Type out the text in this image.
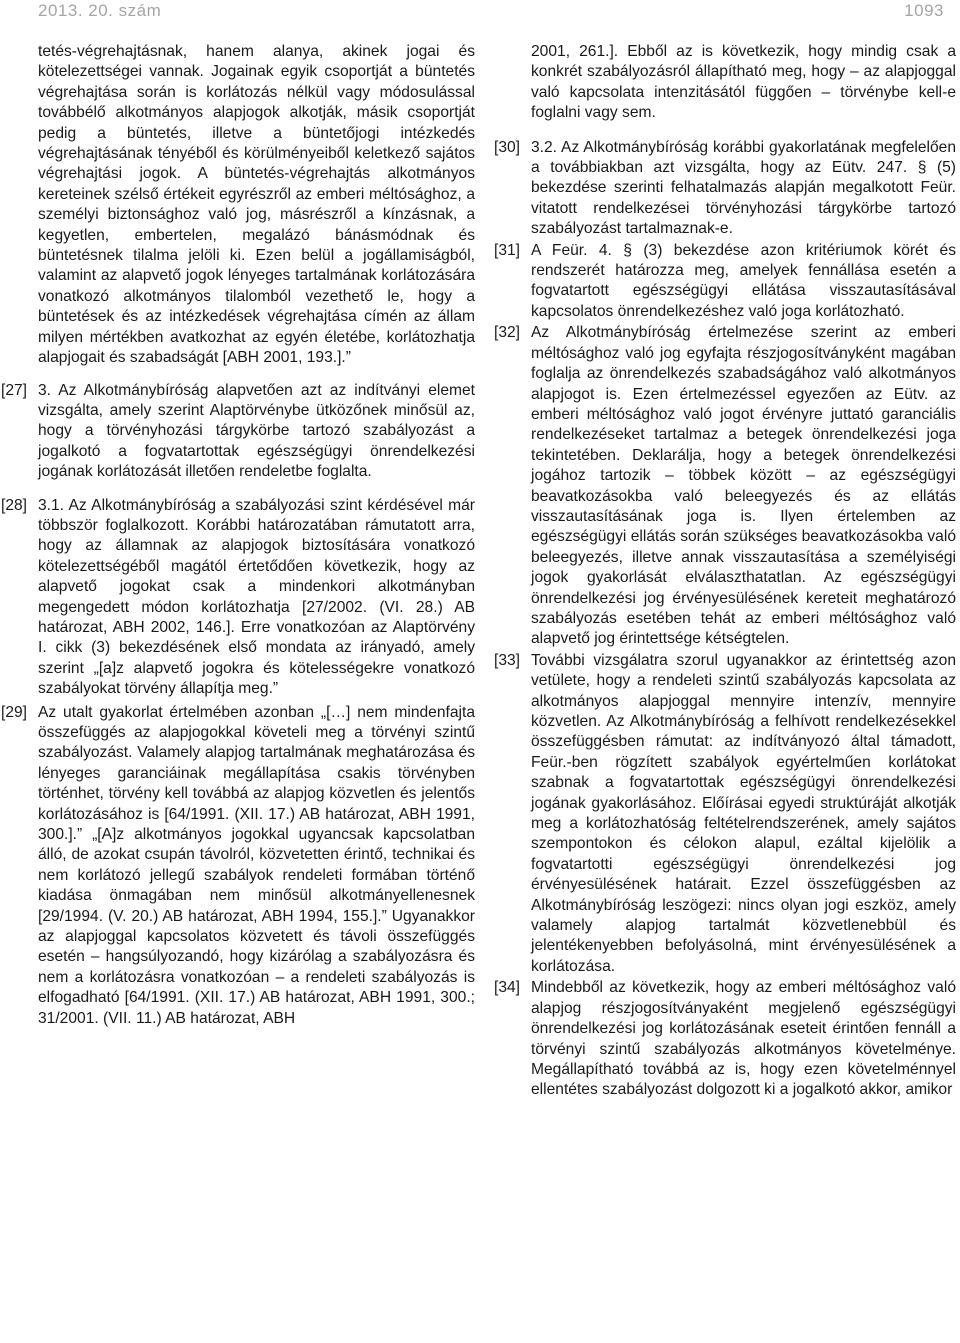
2013. 20. szám	1093

tetés-végrehajtásnak, hanem alanya, akinek jogai és kötelezettségei vannak. Jogainak egyik csoportját a büntetés végrehajtása során is korlátozás nélkül vagy módosulással továbbélő alkotmányos alapjogok alkotják, másik csoportját pedig a büntetés, illetve a büntetőjogi intézkedés végrehajtásának tényéből és körülményeiből keletkező sajátos végrehajtási jogok. A büntetés-végrehajtás alkotmányos kereteinek szélső értékeit egyrészről az emberi méltósághoz, a személyi biztonsághoz való jog, másrészről a kínzásnak, a kegyetlen, embertelen, megalázó bánásmódnak és büntetésnek tilalma jelöli ki. Ezen belül a jogállamiságból, valamint az alapvető jogok lényeges tartalmának korlátozására vonatkozó alkotmányos tilalomból vezethető le, hogy a büntetések és az intézkedések végrehajtása címén az állam milyen mértékben avatkozhat az egyén életébe, korlátozhatja alapjogait és szabadságát [ABH 2001, 193.].”

[27] 3. Az Alkotmánybíróság alapvetően azt az indítványi elemet vizsgálta, amely szerint Alaptörvénybe ütközőnek minősül az, hogy a törvényhozási tárgykörbe tartozó szabályozást a jogalkotó a fogvatartottak egészségügyi önrendelkezési jogának korlátozását illetően rendeletbe foglalta.
[28] 3.1. Az Alkotmánybíróság a szabályozási szint kérdésével már többször foglalkozott. Korábbi határozatában rámutatott arra, hogy az államnak az alapjogok biztosítására vonatkozó kötelezettségéből magától értetődően következik, hogy az alapvető jogokat csak a mindenkori alkotmányban megengedett módon korlátozhatja [27/2002. (VI. 28.) AB határozat, ABH 2002, 146.]. Erre vonatkozóan az Alaptörvény I. cikk (3) bekezdésének első mondata az irányadó, amely szerint „[a]z alapvető jogokra és kötelességekre vonatkozó szabályokat törvény állapítja meg.”
[29] Az utalt gyakorlat értelmében azonban „[…] nem mindenfajta összefüggés az alapjogokkal követeli meg a törvényi szintű szabályozást. Valamely alapjog tartalmának meghatározása és lényeges garanciáinak megállapítása csakis törvényben történhet, törvény kell továbbá az alapjog közvetlen és jelentős korlátozásához is [64/1991. (XII. 17.) AB határozat, ABH 1991, 300.].” „[A]z alkotmányos jogokkal ugyancsak kapcsolatban álló, de azokat csupán távolról, közvetetten érintő, technikai és nem korlátozó jellegű szabályok rendeleti formában történő kiadása önmagában nem minősül alkotmányellenesnek [29/1994. (V. 20.) AB határozat, ABH 1994, 155.].” Ugyanakkor az alapjoggal kapcsolatos közvetett és távoli összefüggés esetén – hangsúlyozandó, hogy kizárólag a szabályozásra és nem a korlátozásra vonatkozóan – a rendeleti szabályozás is elfogadható [64/1991. (XII. 17.) AB határozat, ABH 1991, 300.; 31/2001. (VII. 11.) AB határozat, ABH

2001, 261.]. Ebből az is következik, hogy mindig csak a konkrét szabályozásról állapítható meg, hogy – az alapjoggal való kapcsolata intenzitásától függően – törvénybe kell-e foglalni vagy sem.

[30] 3.2. Az Alkotmánybíróság korábbi gyakorlatának megfelelően a továbbiakban azt vizsgálta, hogy az Eütv. 247. § (5) bekezdése szerinti felhatalmazás alapján megalkotott Feür. vitatott rendelkezései törvényhozási tárgykörbe tartozó szabályozást tartalmaznak-e.
[31] A Feür. 4. § (3) bekezdése azon kritériumok körét és rendszerét határozza meg, amelyek fennállása esetén a fogvatartott egészségügyi ellátása visszautasításával kapcsolatos önrendelkezéshez való joga korlátozható.
[32] Az Alkotmánybíróság értelmezése szerint az emberi méltósághoz való jog egyfajta részjogosítványként magában foglalja az önrendelkezés szabadságához való alkotmányos alapjogot is. Ezen értelmezéssel egyezően az Eütv. az emberi méltósághoz való jogot érvényre juttató garanciális rendelkezéseket tartalmaz a betegek önrendelkezési joga tekintetében. Deklarálja, hogy a betegek önrendelkezési jogához tartozik – többek között – az egészségügyi beavatkozásokba való beleegyezés és az ellátás visszautasításának joga is. Ilyen értelemben az egészségügyi ellátás során szükséges beavatkozásokba való beleegyezés, illetve annak visszautasítása a személyiségi jogok gyakorlását elválaszthatatlan. Az egészségügyi önrendelkezési jog érvényesülésének kereteit meghatározó szabályozás esetében tehát az emberi méltósághoz való alapvető jog érintettsége kétségtelen.
[33] További vizsgálatra szorul ugyanakkor az érintettség azon vetülete, hogy a rendeleti szintű szabályozás kapcsolata az alkotmányos alapjoggal mennyire intenzív, mennyire közvetlen. Az Alkotmánybíróság a felhívott rendelkezésekkel összefüggésben rámutat: az indítványozó által támadott, Feür.-ben rögzített szabályok egyértelműen korlátokat szabnak a fogvatartottak egészségügyi önrendelkezési jogának gyakorlásához. Előírásai egyedi struktúráját alkotják meg a korlátozhatóság feltételrendszerének, amely sajátos szempontokon és célokon alapul, ezáltal kijelölik a fogvatartotti egészségügyi önrendelkezési jog érvényesülésének határait. Ezzel összefüggésben az Alkotmánybíróság leszögezi: nincs olyan jogi eszköz, amely valamely alapjog tartalmát közvetlenebbül és jelentékenyebben befolyásolná, mint érvényesülésének a korlátozása.
[34] Mindebből az következik, hogy az emberi méltósághoz való alapjog részjogosítványaként megjelenő egészségügyi önrendelkezési jog korlátozásának eseteit érintően fennáll a törvényi szintű szabályozás alkotmányos követelménye. Megállapítható továbbá az is, hogy ezen követelménnyel ellentétes szabályozást dolgozott ki a jogalkotó akkor, amikor
